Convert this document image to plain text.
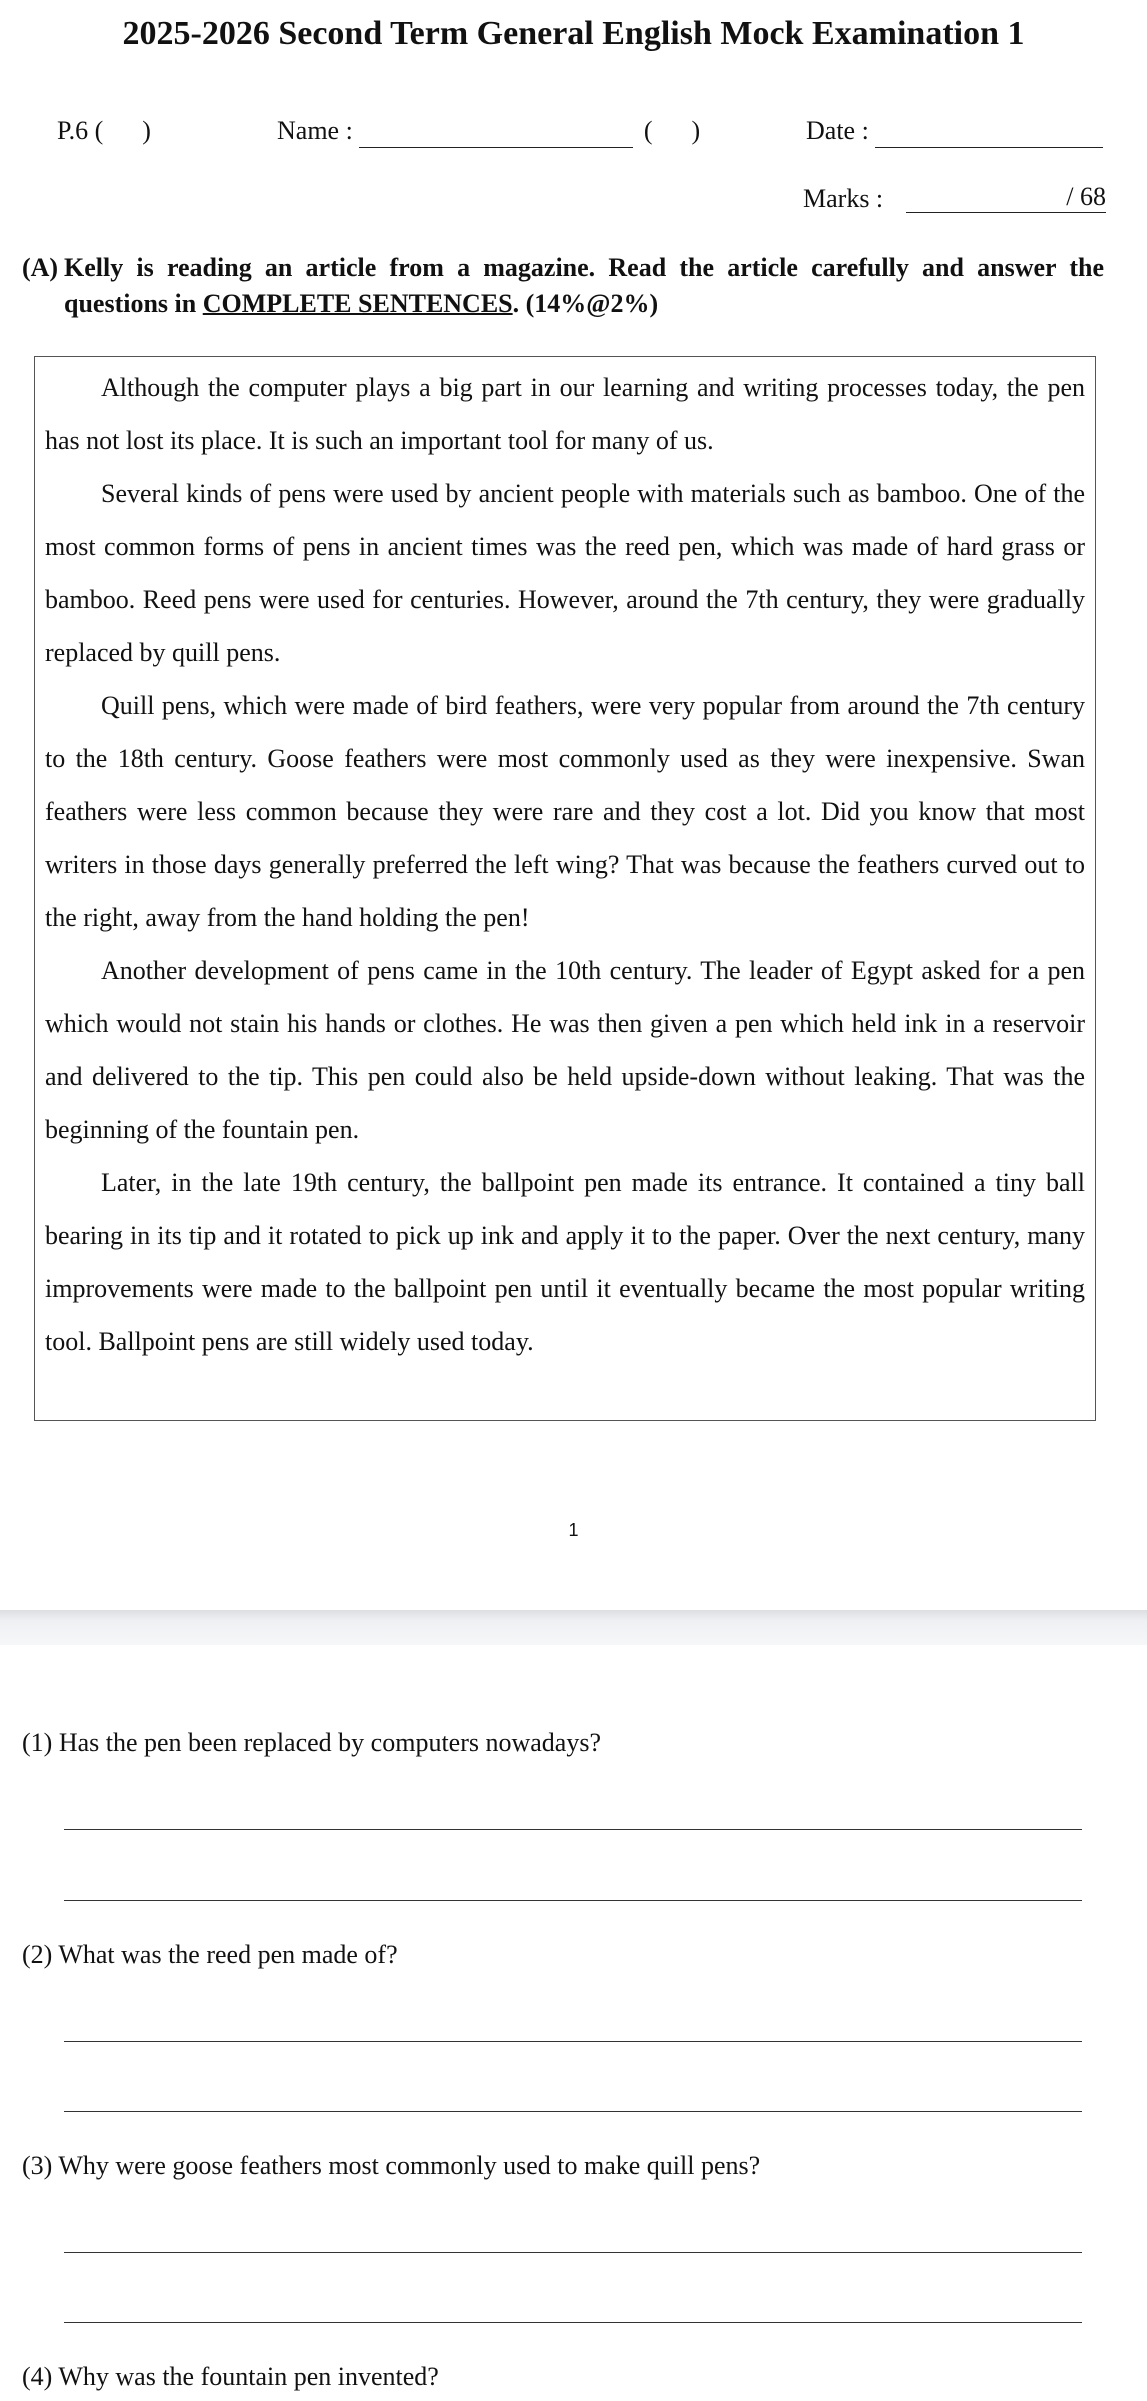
2025-2026 Second Term General English Mock Examination 1
P.6 (      )	Name :	(      )	Date :
Marks :	/ 68
(A) Kelly is reading an article from a magazine. Read the article carefully and answer the
questions in COMPLETE SENTENCES. (14%@2%)

Although the computer plays a big part in our learning and writing processes today, the pen has not lost its place. It is such an important tool for many of us.

Several kinds of pens were used by ancient people with materials such as bamboo. One of the most common forms of pens in ancient times was the reed pen, which was made of hard grass or bamboo. Reed pens were used for centuries. However, around the 7th century, they were gradually replaced by quill pens.

Quill pens, which were made of bird feathers, were very popular from around the 7th century to the 18th century. Goose feathers were most commonly used as they were inexpensive. Swan feathers were less common because they were rare and they cost a lot. Did you know that most writers in those days generally preferred the left wing? That was because the feathers curved out to the right, away from the hand holding the pen!

Another development of pens came in the 10th century. The leader of Egypt asked for a pen which would not stain his hands or clothes. He was then given a pen which held ink in a reservoir and delivered to the tip. This pen could also be held upside-down without leaking. That was the beginning of the fountain pen.

Later, in the late 19th century, the ballpoint pen made its entrance. It contained a tiny ball bearing in its tip and it rotated to pick up ink and apply it to the paper. Over the next century, many improvements were made to the ballpoint pen until it eventually became the most popular writing tool. Ballpoint pens are still widely used today.

1
(1) Has the pen been replaced by computers nowadays?
(2) What was the reed pen made of?
(3) Why were goose feathers most commonly used to make quill pens?
(4) Why was the fountain pen invented?
